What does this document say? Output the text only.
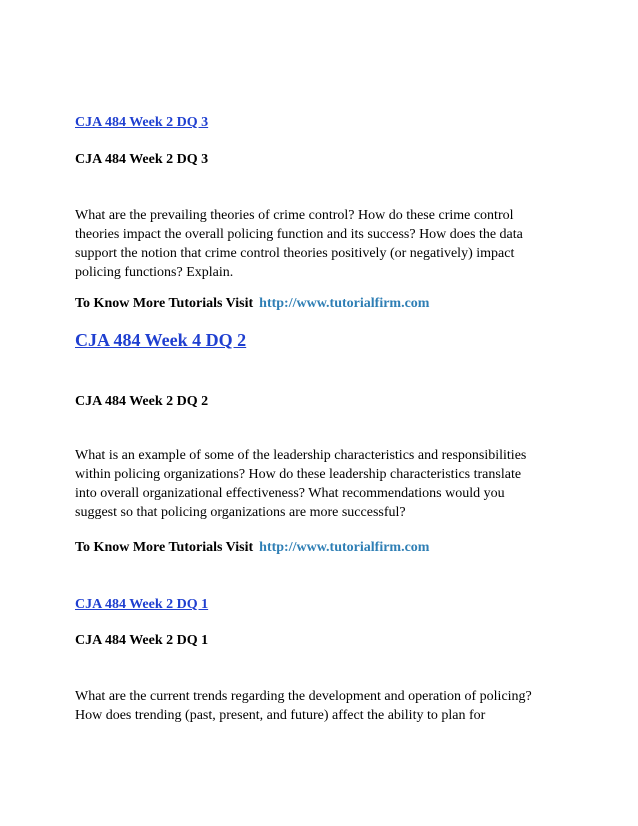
CJA 484 Week 2 DQ 3
CJA 484 Week 2 DQ 3
What are the prevailing theories of crime control? How do these crime control
theories impact the overall policing function and its success? How does the data
support the notion that crime control theories positively (or negatively) impact
policing functions? Explain.
To Know More Tutorials Visit http://www.tutorialfirm.com
CJA 484 Week 4 DQ 2
CJA 484 Week 2 DQ 2
What is an example of some of the leadership characteristics and responsibilities
within policing organizations? How do these leadership characteristics translate
into overall organizational effectiveness? What recommendations would you
suggest so that policing organizations are more successful?
To Know More Tutorials Visit http://www.tutorialfirm.com
CJA 484 Week 2 DQ 1
CJA 484 Week 2 DQ 1
What are the current trends regarding the development and operation of policing?
How does trending (past, present, and future) affect the ability to plan for
